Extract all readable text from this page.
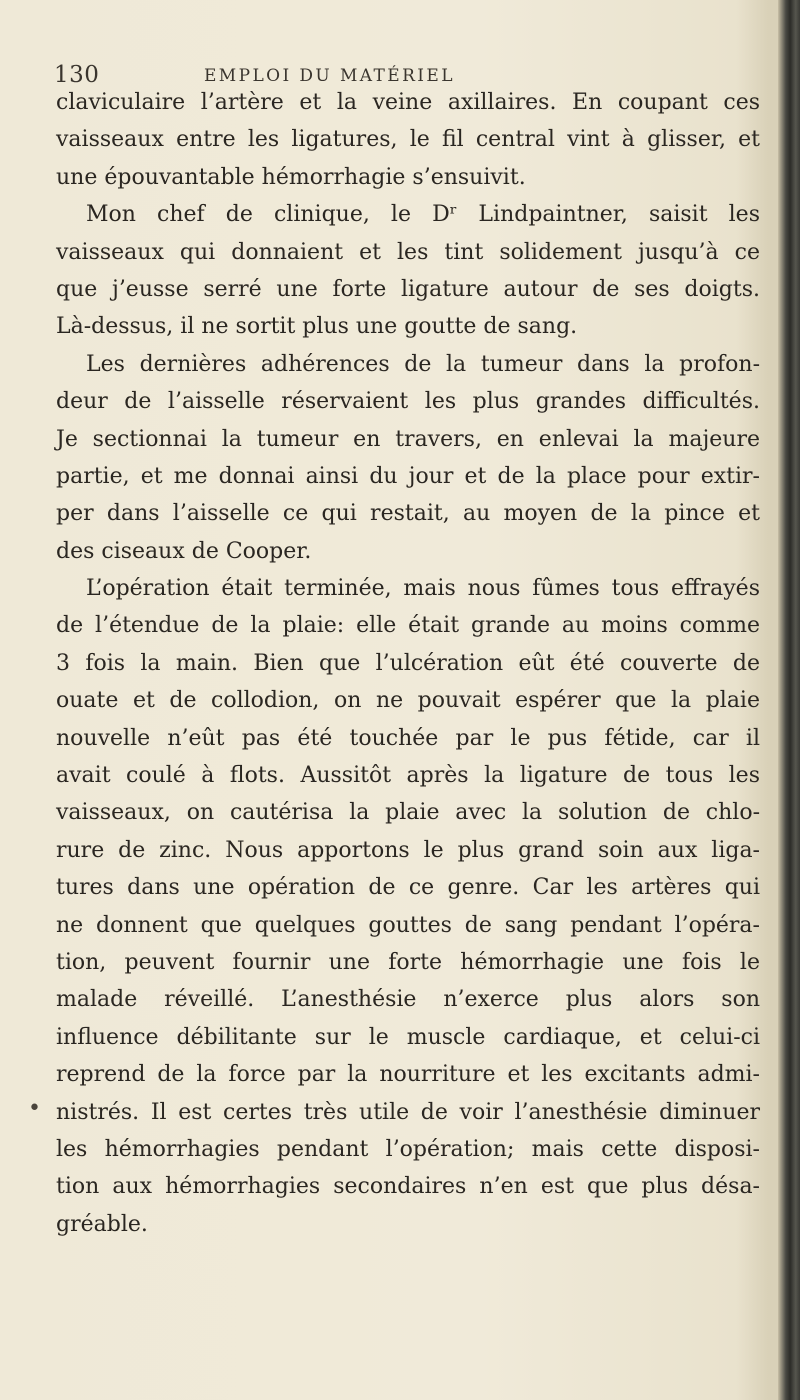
130	EMPLOI DU MATÉRIEL
•
claviculaire l’artère et la veine axillaires. En coupant ces
vaisseaux entre les ligatures, le fil central vint à glisser, et
une épouvantable hémorrhagie s’ensuivit.
Mon chef de clinique, le Dʳ Lindpaintner, saisit les
vaisseaux qui donnaient et les tint solidement jusqu’à ce
que j’eusse serré une forte ligature autour de ses doigts.
Là-dessus, il ne sortit plus une goutte de sang.
Les dernières adhérences de la tumeur dans la profon-
deur de l’aisselle réservaient les plus grandes difficultés.
Je sectionnai la tumeur en travers, en enlevai la majeure
partie, et me donnai ainsi du jour et de la place pour extir-
per dans l’aisselle ce qui restait, au moyen de la pince et
des ciseaux de Cooper.
L’opération était terminée, mais nous fûmes tous effrayés
de l’étendue de la plaie: elle était grande au moins comme
3 fois la main. Bien que l’ulcération eût été couverte de
ouate et de collodion, on ne pouvait espérer que la plaie
nouvelle n’eût pas été touchée par le pus fétide, car il
avait coulé à flots. Aussitôt après la ligature de tous les
vaisseaux, on cautérisa la plaie avec la solution de chlo-
rure de zinc. Nous apportons le plus grand soin aux liga-
tures dans une opération de ce genre. Car les artères qui
ne donnent que quelques gouttes de sang pendant l’opéra-
tion, peuvent fournir une forte hémorrhagie une fois le
malade réveillé. L’anesthésie n’exerce plus alors son
influence débilitante sur le muscle cardiaque, et celui-ci
reprend de la force par la nourriture et les excitants admi-
nistrés. Il est certes très utile de voir l’anesthésie diminuer
les hémorrhagies pendant l’opération; mais cette disposi-
tion aux hémorrhagies secondaires n’en est que plus désa-
gréable.
